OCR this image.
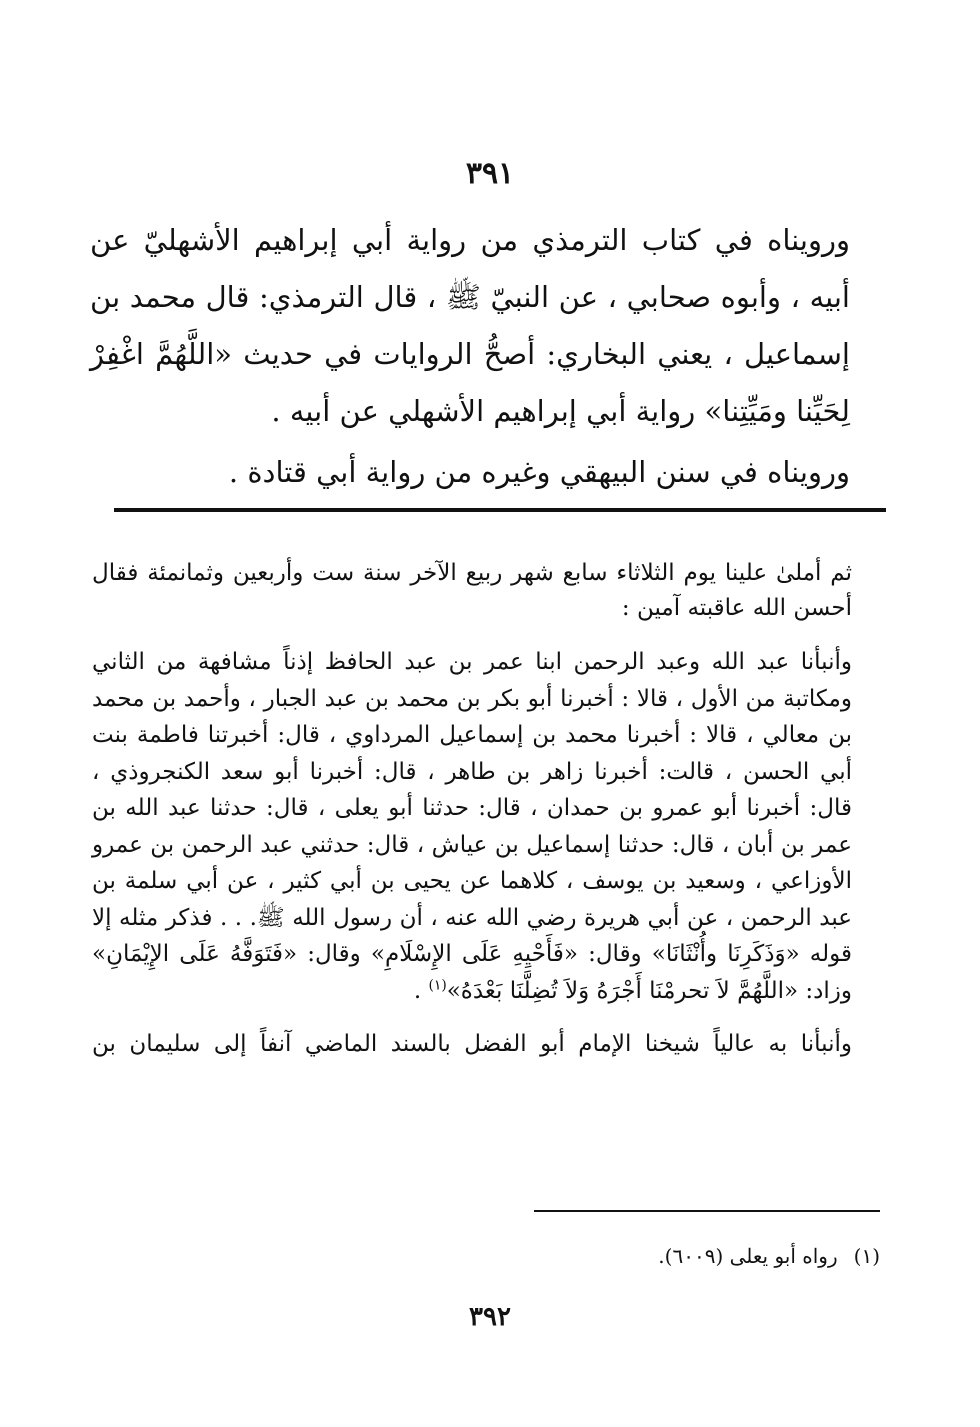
٣٩١

ورويناه في كتاب الترمذي من رواية أبي إبراهيم الأشهليّ عن أبيه ، وأبوه صحابي ، عن النبيّ ﷺ ، قال الترمذي: قال محمد بن إسماعيل ، يعني البخاري: أصحُّ الروايات في حديث «اللَّهُمَّ اغْفِرْ لِحَيِّنا ومَيِّتِنا» رواية أبي إبراهيم الأشهلي عن أبيه .

ورويناه في سنن البيهقي وغيره من رواية أبي قتادة .

ثم أملىٰ علينا يوم الثلاثاء سابع شهر ربيع الآخر سنة ست وأربعين وثمانمئة فقال أحسن الله عاقبته آمين :

وأنبأنا عبد الله وعبد الرحمن ابنا عمر بن عبد الحافظ إذناً مشافهة من الثاني ومكاتبة من الأول ، قالا : أخبرنا أبو بكر بن محمد بن عبد الجبار ، وأحمد بن محمد بن معالي ، قالا : أخبرنا محمد بن إسماعيل المرداوي ، قال: أخبرتنا فاطمة بنت أبي الحسن ، قالت: أخبرنا زاهر بن طاهر ، قال: أخبرنا أبو سعد الكنجروذي ، قال: أخبرنا أبو عمرو بن حمدان ، قال: حدثنا أبو يعلى ، قال: حدثنا عبد الله بن عمر بن أبان ، قال: حدثنا إسماعيل بن عياش ، قال: حدثني عبد الرحمن بن عمرو الأوزاعي ، وسعيد بن يوسف ، كلاهما عن يحيى بن أبي كثير ، عن أبي سلمة بن عبد الرحمن ، عن أبي هريرة رضي الله عنه ، أن رسول الله ﷺ. . . فذكر مثله إلا قوله «وَذَكَرِنَا وأُنْثَانَا» وقال: «فَأَحْيِهِ عَلَى الإِسْلَامِ» وقال: «فَتَوَفَّهُ عَلَى الإِيْمَانِ» وزاد: «اللَّهُمَّ لاَ تحرمْنَا أَجْرَهُ وَلاَ تُضِلَّنَا بَعْدَهُ»$^{(١)}$ .

وأنبأنا به عالياً شيخنا الإمام أبو الفضل بالسند الماضي آنفاً إلى سليمان بن

(١)رواه أبو يعلى (٦٠٠٩).
٣٩٢
